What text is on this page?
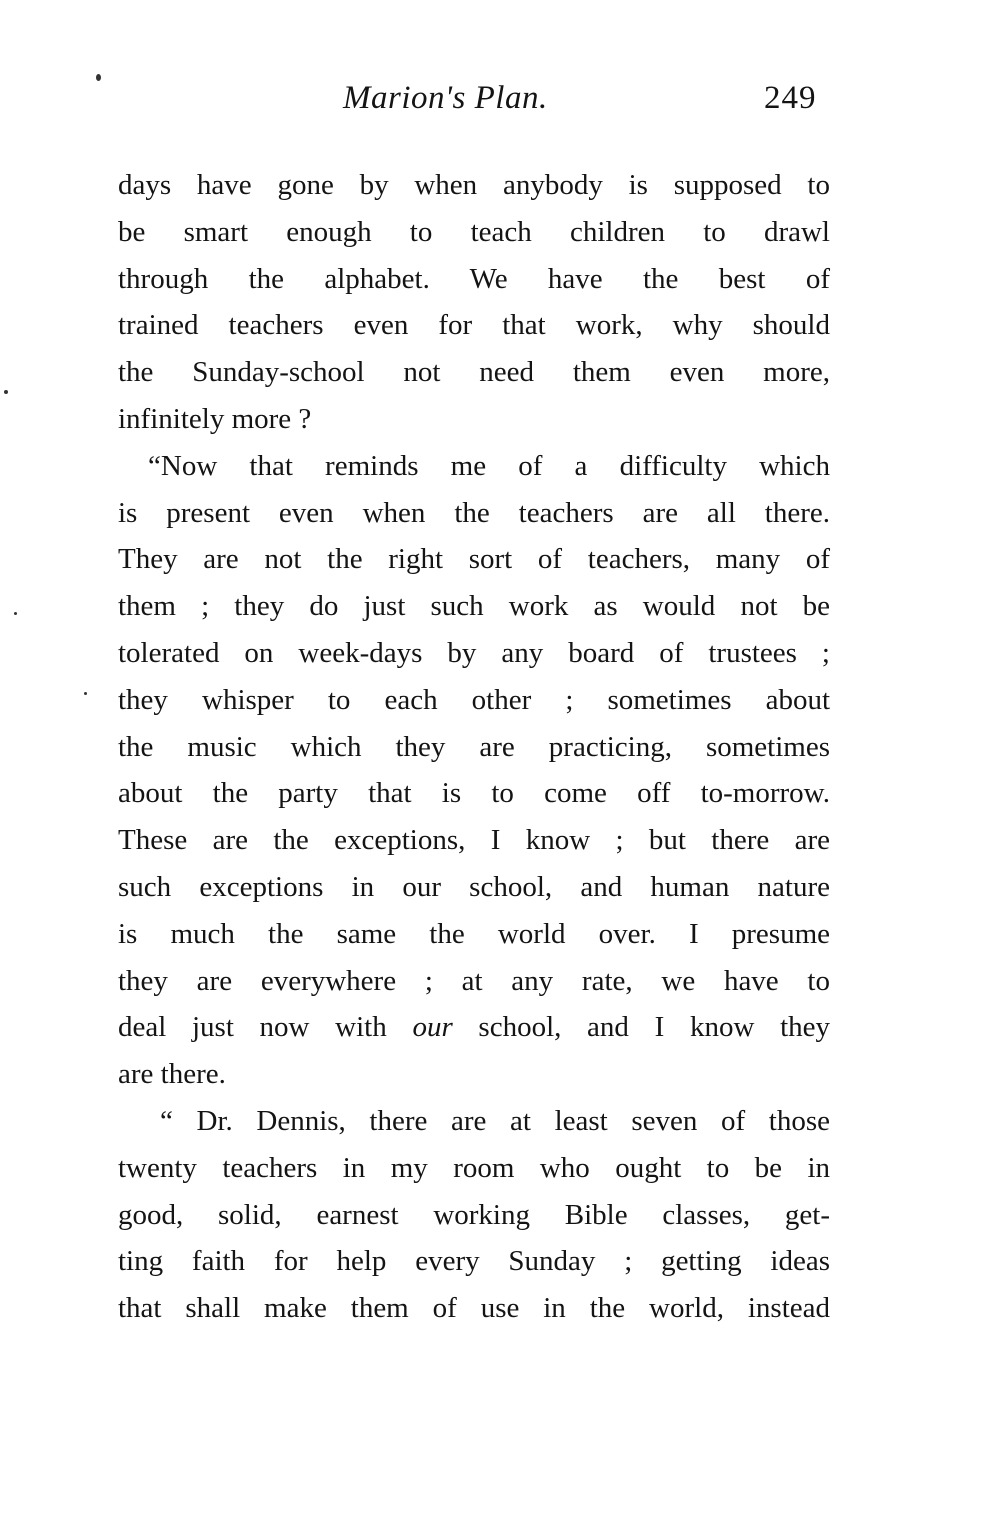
Marion's Plan.	249
days have gone by when anybody is supposed to
be smart enough to teach children to drawl
through the alphabet. We have the best of
trained teachers even for that work, why should
the Sunday-school not need them even more,
infinitely more ?
“Now that reminds me of a difficulty which
is present even when the teachers are all there.
They are not the right sort of teachers, many of
them ; they do just such work as would not be
tolerated on week-days by any board of trustees ;
they whisper to each other ; sometimes about
the music which they are practicing, sometimes
about the party that is to come off to-morrow.
These are the exceptions, I know ; but there are
such exceptions in our school, and human nature
is much the same the world over. I presume
they are everywhere ; at any rate, we have to
deal just now with our school, and I know they
are there.
“ Dr. Dennis, there are at least seven of those
twenty teachers in my room who ought to be in
good, solid, earnest working Bible classes, get-
ting faith for help every Sunday ; getting ideas
that shall make them of use in the world, instead
